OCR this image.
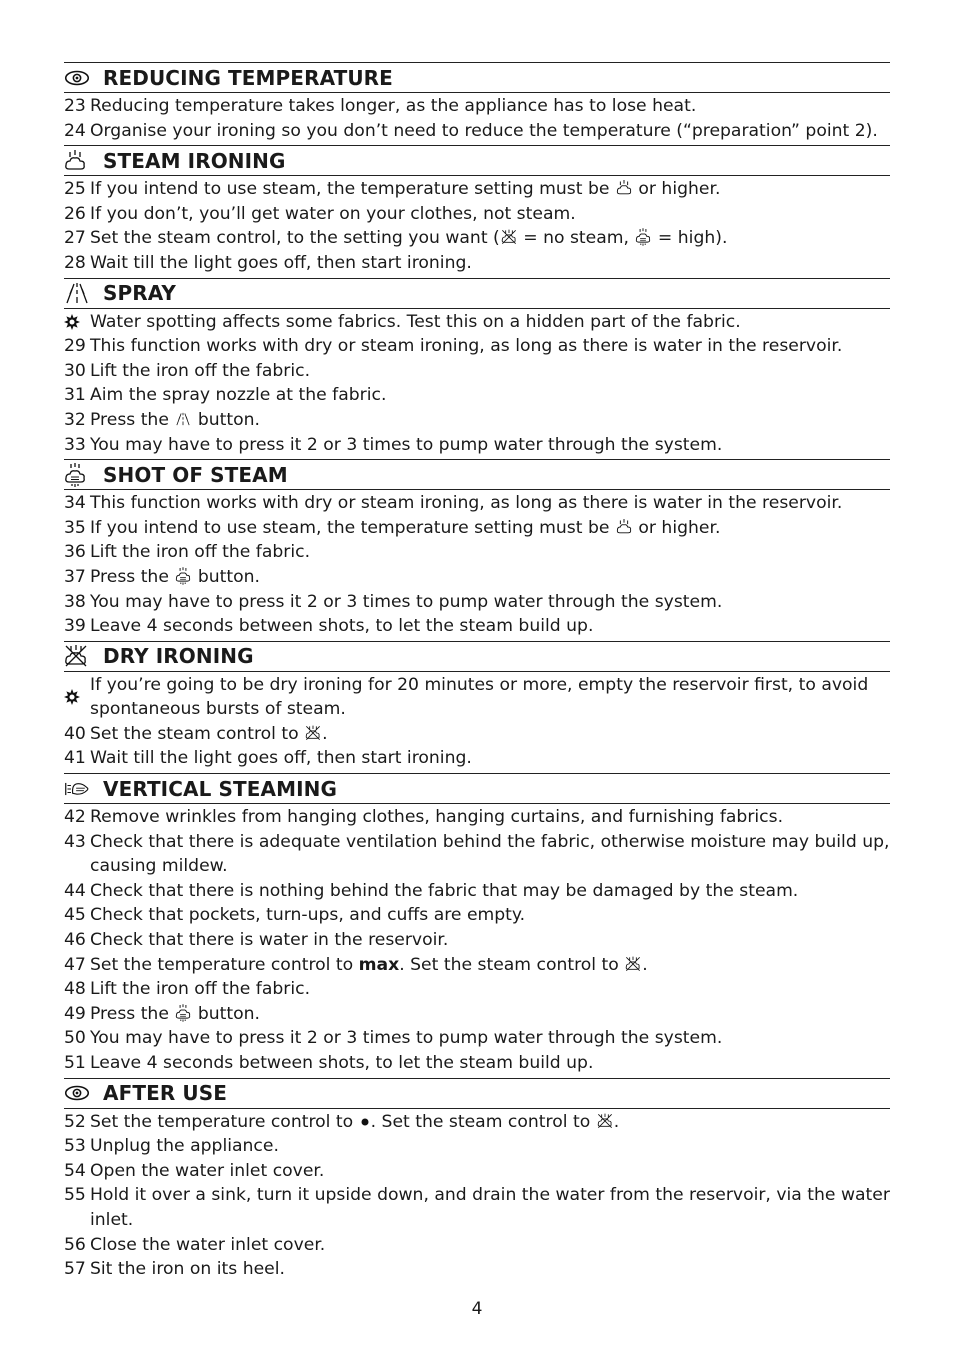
REDUCING TEMPERATURE
23 Reducing temperature takes longer, as the appliance has to lose heat.
24 Organise your ironing so you don’t need to reduce the temperature (“preparation” point 2).
STEAM IRONING
25 If you intend to use steam, the temperature setting must be or higher.
26 If you don’t, you’ll get water on your clothes, not steam.
27 Set the steam control, to the setting you want ( = no steam, = high).
28 Wait till the light goes off, then start ironing.
SPRAY
Water spotting affects some fabrics. Test this on a hidden part of the fabric.
29 This function works with dry or steam ironing, as long as there is water in the reservoir.
30 Lift the iron off the fabric.
31 Aim the spray nozzle at the fabric.
32 Press the button.
33 You may have to press it 2 or 3 times to pump water through the system.
SHOT OF STEAM
34 This function works with dry or steam ironing, as long as there is water in the reservoir.
35 If you intend to use steam, the temperature setting must be or higher.
36 Lift the iron off the fabric.
37 Press the button.
38 You may have to press it 2 or 3 times to pump water through the system.
39 Leave 4 seconds between shots, to let the steam build up.
DRY IRONING
If you’re going to be dry ironing for 20 minutes or more, empty the reservoir first, to avoid spontaneous bursts of steam.
40 Set the steam control to .
41 Wait till the light goes off, then start ironing.
VERTICAL STEAMING
42 Remove wrinkles from hanging clothes, hanging curtains, and furnishing fabrics.
43 Check that there is adequate ventilation behind the fabric, otherwise moisture may build up, causing mildew.
44 Check that there is nothing behind the fabric that may be damaged by the steam.
45 Check that pockets, turn-ups, and cuffs are empty.
46 Check that there is water in the reservoir.
47 Set the temperature control to max. Set the steam control to .
48 Lift the iron off the fabric.
49 Press the button.
50 You may have to press it 2 or 3 times to pump water through the system.
51 Leave 4 seconds between shots, to let the steam build up.
AFTER USE
52 Set the temperature control to . Set the steam control to .
53 Unplug the appliance.
54 Open the water inlet cover.
55 Hold it over a sink, turn it upside down, and drain the water from the reservoir, via the water inlet.
56 Close the water inlet cover.
57 Sit the iron on its heel.
4
